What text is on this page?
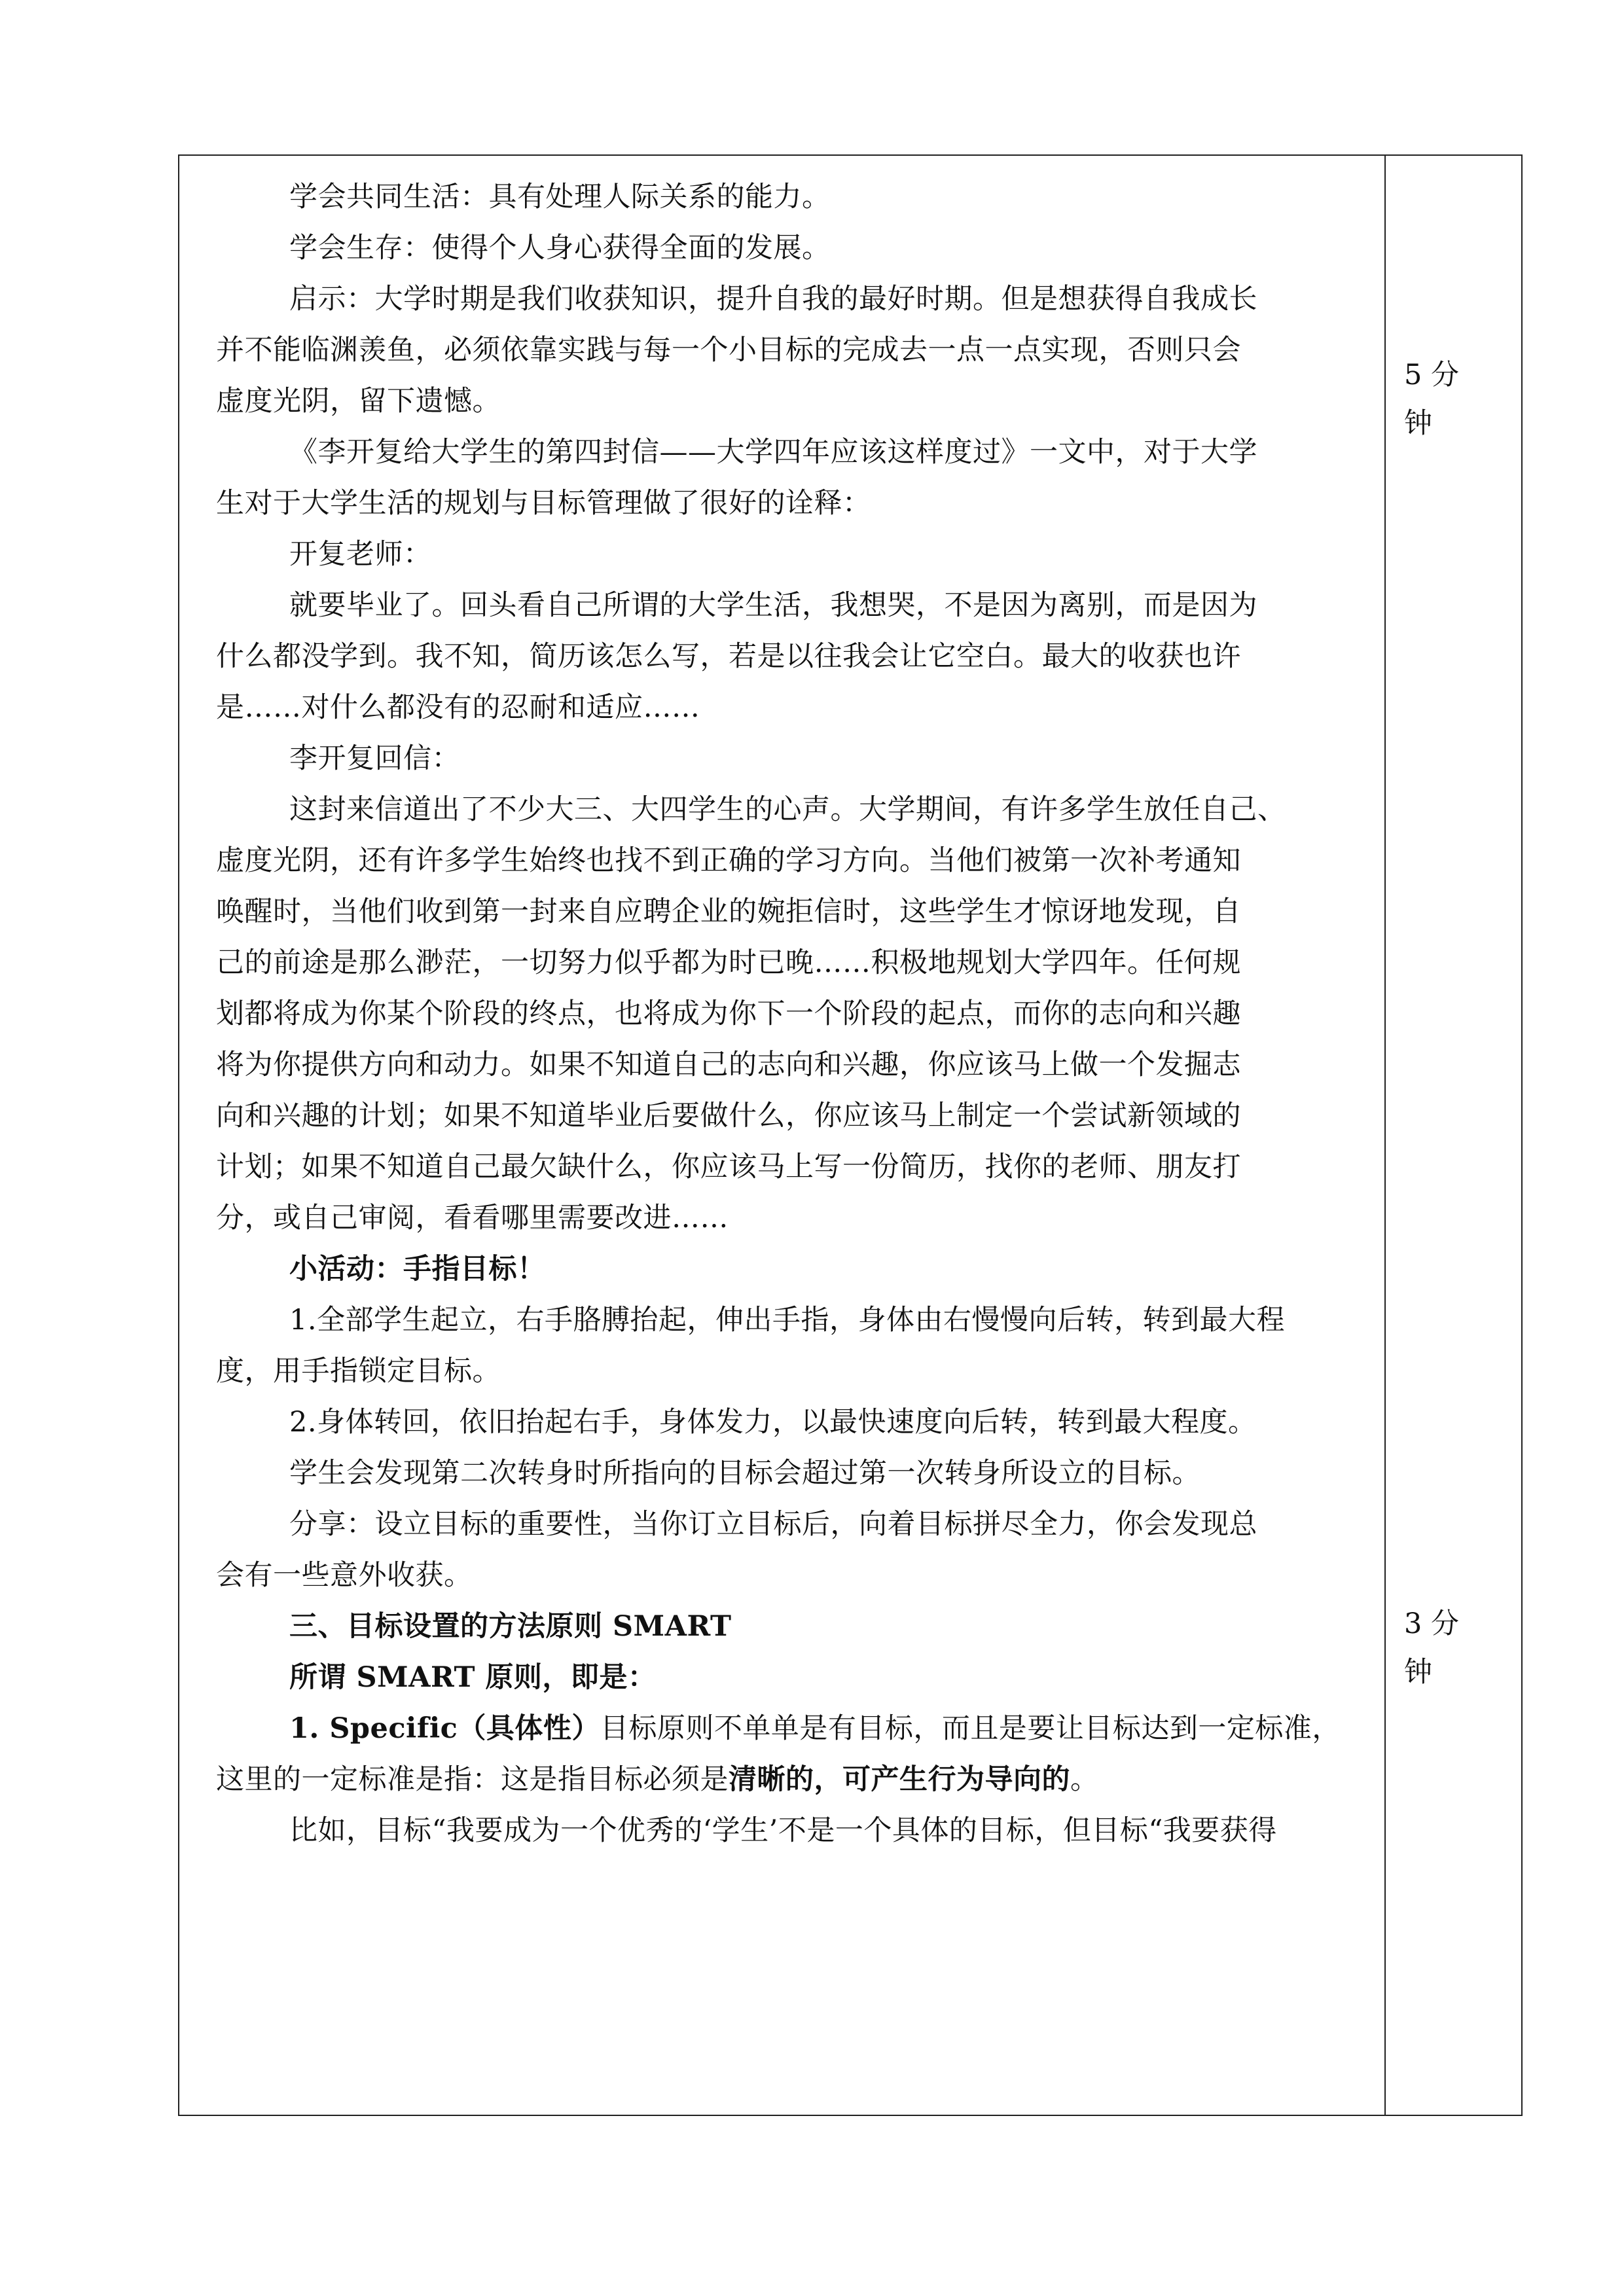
学会共同生活：具有处理人际关系的能力。
学会生存：使得个人身心获得全面的发展。
启示：大学时期是我们收获知识，提升自我的最好时期。但是想获得自我成长
并不能临渊羡鱼，必须依靠实践与每一个小目标的完成去一点一点实现，否则只会
虚度光阴，留下遗憾。
《李开复给大学生的第四封信——大学四年应该这样度过》一文中，对于大学
生对于大学生活的规划与目标管理做了很好的诠释：
开复老师：
就要毕业了。回头看自己所谓的大学生活，我想哭，不是因为离别，而是因为
什么都没学到。我不知，简历该怎么写，若是以往我会让它空白。最大的收获也许
是……对什么都没有的忍耐和适应……
李开复回信：
这封来信道出了不少大三、大四学生的心声。大学期间，有许多学生放任自己、
虚度光阴，还有许多学生始终也找不到正确的学习方向。当他们被第一次补考通知
唤醒时，当他们收到第一封来自应聘企业的婉拒信时，这些学生才惊讶地发现，自
己的前途是那么渺茫，一切努力似乎都为时已晚……积极地规划大学四年。任何规
划都将成为你某个阶段的终点，也将成为你下一个阶段的起点，而你的志向和兴趣
将为你提供方向和动力。如果不知道自己的志向和兴趣，你应该马上做一个发掘志
向和兴趣的计划；如果不知道毕业后要做什么，你应该马上制定一个尝试新领域的
计划；如果不知道自己最欠缺什么，你应该马上写一份简历，找你的老师、朋友打
分，或自己审阅，看看哪里需要改进……
小活动：手指目标！
1.全部学生起立，右手胳膊抬起，伸出手指，身体由右慢慢向后转，转到最大程
度，用手指锁定目标。
2.身体转回，依旧抬起右手，身体发力，以最快速度向后转，转到最大程度。
学生会发现第二次转身时所指向的目标会超过第一次转身所设立的目标。
分享：设立目标的重要性，当你订立目标后，向着目标拼尽全力，你会发现总
会有一些意外收获。
三、目标设置的方法原则 SMART
所谓 SMART 原则，即是：
1. Specific（具体性）目标原则不单单是有目标，而且是要让目标达到一定标准，
这里的一定标准是指：这是指目标必须是清晰的，可产生行为导向的。
比如，目标“我要成为一个优秀的‘学生’不是一个具体的目标，但目标“我要获得
5 分
钟
3 分
钟
